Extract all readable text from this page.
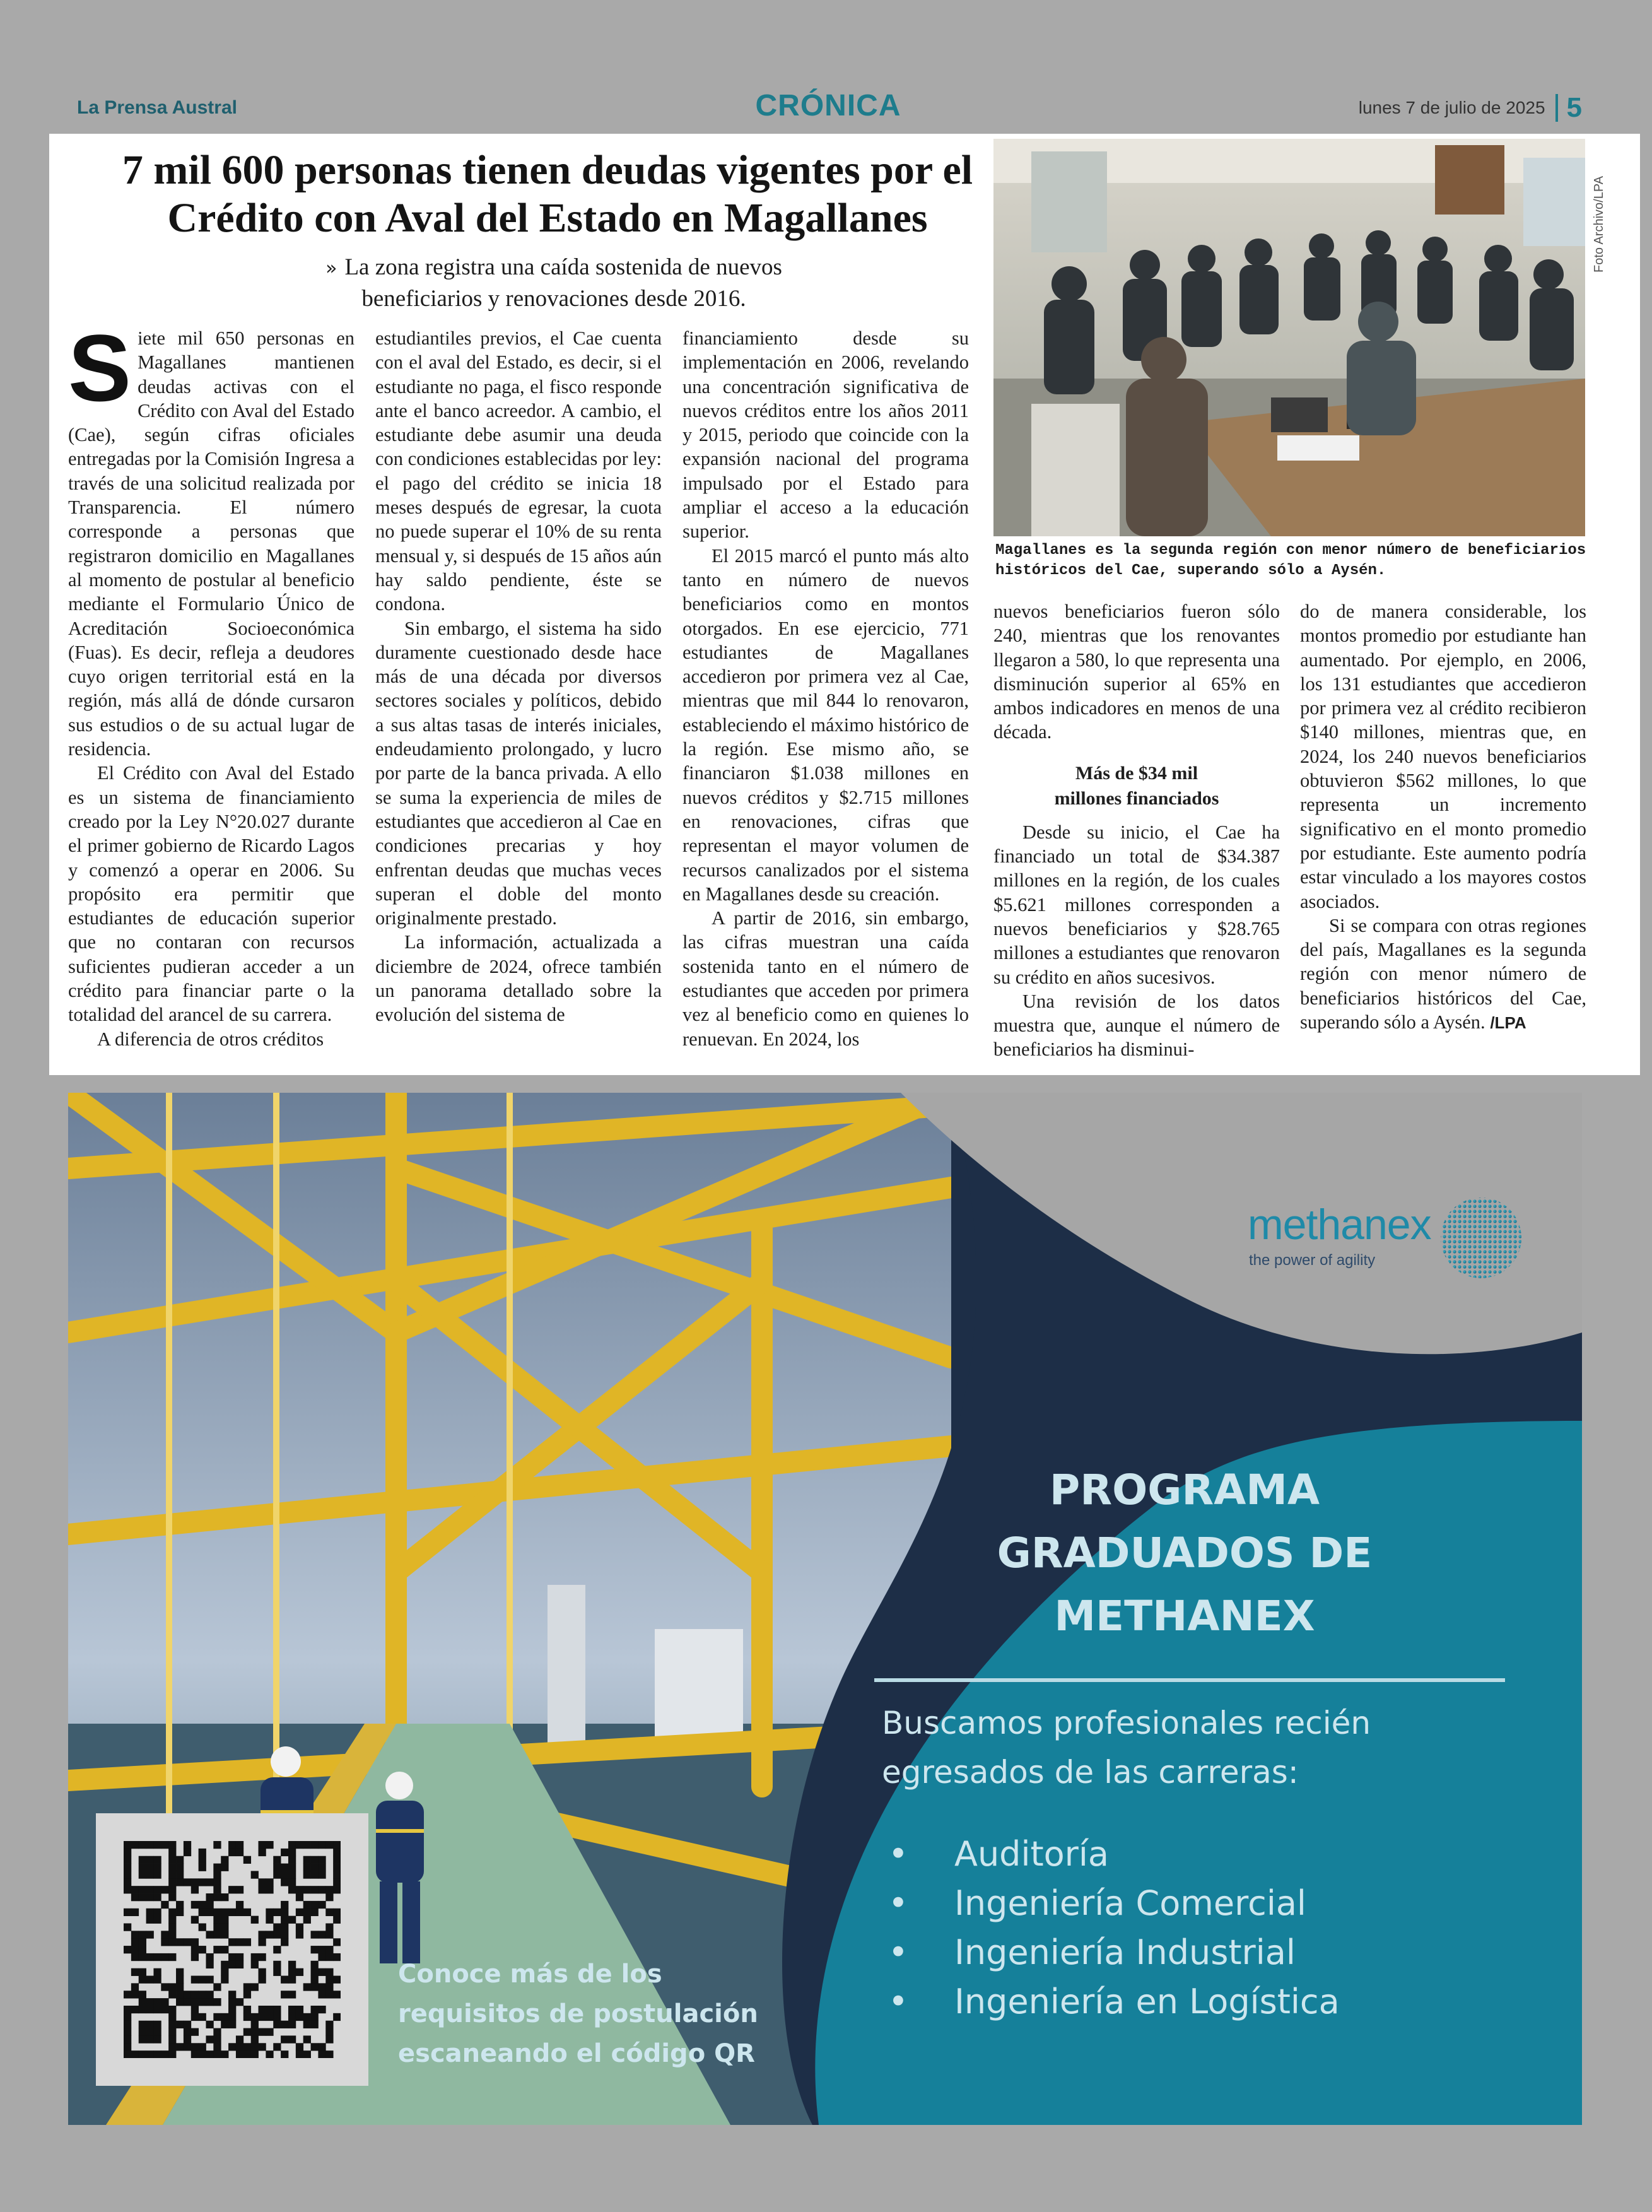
La Prensa Austral	CRÓNICA	lunes 7 de julio de 2025 5
7 mil 600 personas tienen deudas vigentes por el Crédito con Aval del Estado en Magallanes
» La zona registra una caída sostenida de nuevos
beneficiarios y renovaciones desde 2016.

Siete mil 650 personas en Magallanes mantienen deudas activas con el Crédito con Aval del Estado (Cae), según cifras oficiales entregadas por la Comisión Ingresa a través de una solicitud realizada por Transparencia. El número corresponde a personas que registraron domicilio en Magallanes al momento de postular al beneficio mediante el Formulario Único de Acreditación Socioeconómica (Fuas). Es decir, refleja a deudores cuyo origen territorial está en la región, más allá de dónde cursaron sus estudios o de su actual lugar de residencia.

El Crédito con Aval del Estado es un sistema de financiamiento creado por la Ley N°20.027 durante el primer gobierno de Ricardo Lagos y comenzó a operar en 2006. Su propósito era permitir que estudiantes de educación superior que no contaran con recursos suficientes pudieran acceder a un crédito para financiar parte o la totalidad del arancel de su carrera.

A diferencia de otros créditos

estudiantiles previos, el Cae cuenta con el aval del Estado, es decir, si el estudiante no paga, el fisco responde ante el banco acreedor. A cambio, el estudiante debe asumir una deuda con condiciones establecidas por ley: el pago del crédito se inicia 18 meses después de egresar, la cuota no puede superar el 10% de su renta mensual y, si después de 15 años aún hay saldo pendiente, éste se condona.

Sin embargo, el sistema ha sido duramente cuestionado desde hace más de una década por diversos sectores sociales y políticos, debido a sus altas tasas de interés iniciales, endeudamiento prolongado, y lucro por parte de la banca privada. A ello se suma la experiencia de miles de estudiantes que accedieron al Cae en condiciones precarias y hoy enfrentan deudas que muchas veces superan el doble del monto originalmente prestado.

La información, actualizada a diciembre de 2024, ofrece también un panorama detallado sobre la evolución del sistema de

financiamiento desde su implementación en 2006, revelando una concentración significativa de nuevos créditos entre los años 2011 y 2015, periodo que coincide con la expansión nacional del programa impulsado por el Estado para ampliar el acceso a la educación superior.

El 2015 marcó el punto más alto tanto en número de nuevos beneficiarios como en montos otorgados. En ese ejercicio, 771 estudiantes de Magallanes accedieron por primera vez al Cae, mientras que mil 844 lo renovaron, estableciendo el máximo histórico de la región. Ese mismo año, se financiaron $1.038 millones en nuevos créditos y $2.715 millones en renovaciones, cifras que representan el mayor volumen de recursos canalizados por el sistema en Magallanes desde su creación.

A partir de 2016, sin embargo, las cifras muestran una caída sostenida tanto en el número de estudiantes que acceden por primera vez al beneficio como en quienes lo renuevan. En 2024, los

nuevos beneficiarios fueron sólo 240, mientras que los renovantes llegaron a 580, lo que representa una disminución superior al 65% en ambos indicadores en menos de una década.

Más de $34 mil
millones financiados

Desde su inicio, el Cae ha financiado un total de $34.387 millones en la región, de los cuales $5.621 millones corresponden a nuevos beneficiarios y $28.765 millones a estudiantes que renovaron su crédito en años sucesivos.

Una revisión de los datos muestra que, aunque el número de beneficiarios ha disminui-

do de manera considerable, los montos promedio por estudiante han aumentado. Por ejemplo, en 2006, los 131 estudiantes que accedieron por primera vez al crédito recibieron $140 millones, mientras que, en 2024, los 240 nuevos beneficiarios obtuvieron $562 millones, lo que representa un incremento significativo en el monto promedio por estudiante. Este aumento podría estar vinculado a los mayores costos asociados.

Si se compara con otras regiones del país, Magallanes es la segunda región con menor número de beneficiarios históricos del Cae, superando sólo a Aysén. /LPA

Foto Archivo/LPA
Magallanes es la segunda región con menor número de beneficiarios históricos del Cae, superando sólo a Aysén.
methanex
the power of agility
PROGRAMA
GRADUADOS DE
METHANEX
Buscamos profesionales recién egresados de las carreras:
• Auditoría
• Ingeniería Comercial
• Ingeniería Industrial
• Ingeniería en Logística
Conoce más de los requisitos de postulación escaneando el código QR
